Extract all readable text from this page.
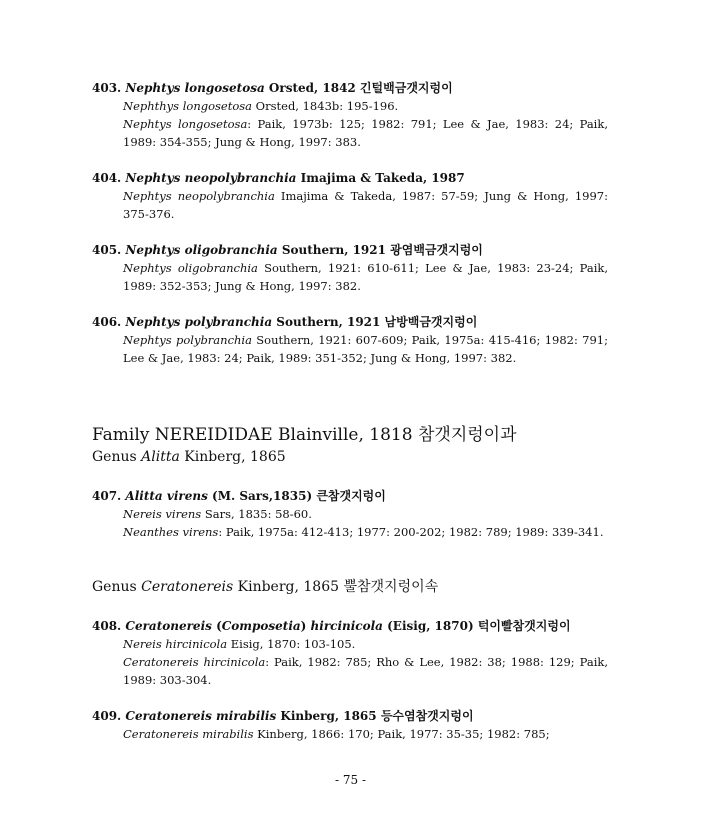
403. Nephtys longosetosa Orsted, 1842 긴털백금갯지렁이
Nephthys longosetosa Orsted, 1843b: 195-196.
Nephtys longosetosa: Paik, 1973b: 125; 1982: 791; Lee & Jae, 1983: 24; Paik, 1989: 354-355; Jung & Hong, 1997: 383.
404. Nephtys neopolybranchia Imajima & Takeda, 1987
Nephtys neopolybranchia Imajima & Takeda, 1987: 57-59; Jung & Hong, 1997: 375-376.
405. Nephtys oligobranchia Southern, 1921 광염백금갯지렁이
Nephtys oligobranchia Southern, 1921: 610-611; Lee & Jae, 1983: 23-24; Paik, 1989: 352-353; Jung & Hong, 1997: 382.
406. Nephtys polybranchia Southern, 1921 남방백금갯지렁이
Nephtys polybranchia Southern, 1921: 607-609; Paik, 1975a: 415-416; 1982: 791; Lee & Jae, 1983: 24; Paik, 1989: 351-352; Jung & Hong, 1997: 382.
Family NEREIDIDAE Blainville, 1818 참갯지렁이과
Genus Alitta Kinberg, 1865
407. Alitta virens (M. Sars,1835) 큰참갯지렁이
Nereis virens Sars, 1835: 58-60.
Neanthes virens: Paik, 1975a: 412-413; 1977: 200-202; 1982: 789; 1989: 339-341.
Genus Ceratonereis Kinberg, 1865 뿔참갯지렁이속
408. Ceratonereis (Composetia) hircinicola (Eisig, 1870) 턱이빨참갯지렁이
Nereis hircinicola Eisig, 1870: 103-105.
Ceratonereis hircinicola: Paik, 1982: 785; Rho & Lee, 1982: 38; 1988: 129; Paik, 1989: 303-304.
409. Ceratonereis mirabilis Kinberg, 1865 등수염참갯지렁이
Ceratonereis mirabilis Kinberg, 1866: 170; Paik, 1977: 35-35; 1982: 785;
- 75 -
